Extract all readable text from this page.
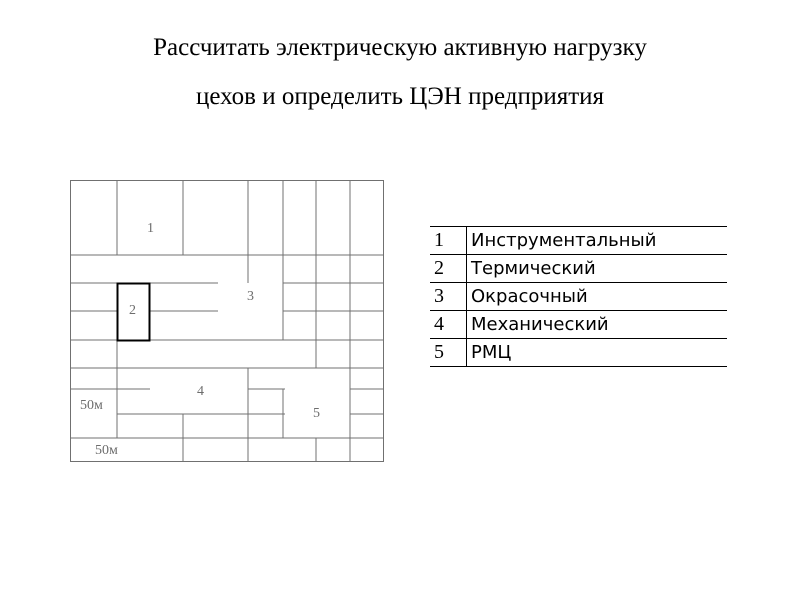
Рассчитать электрическую активную нагрузку
цехов и определить ЦЭН предприятия
1
2
3
4
5
50м
50м
1	Инструментальный
2	Термический
3	Окрасочный
4	Механический
5	РМЦ
